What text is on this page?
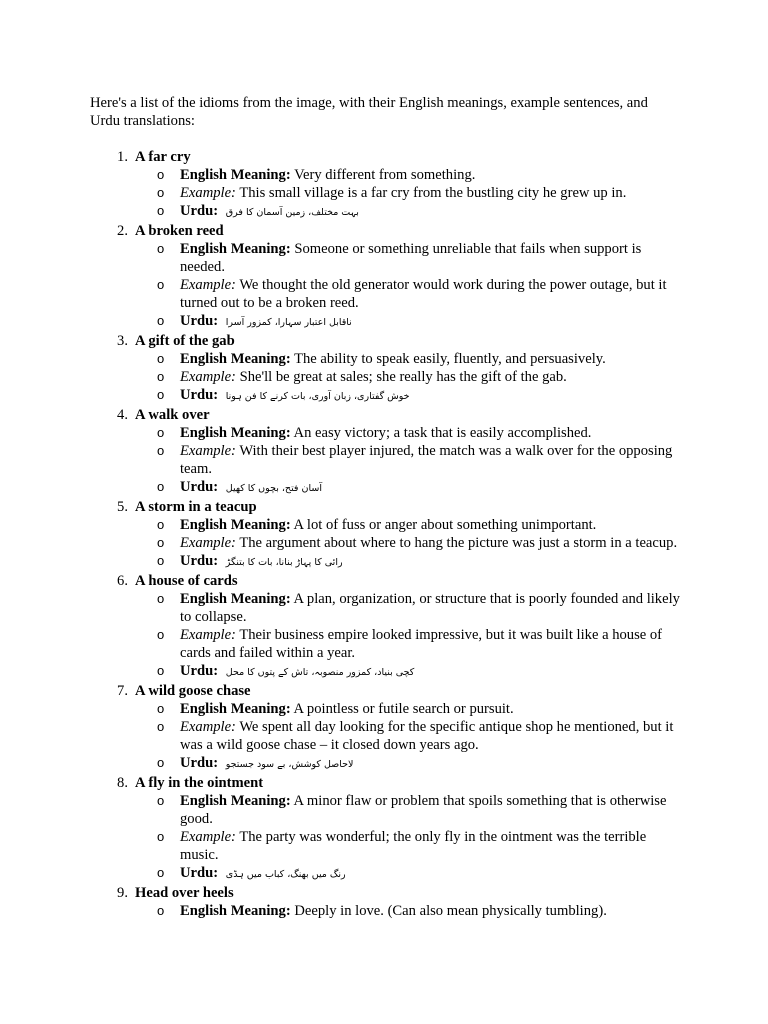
Here's a list of the idioms from the image, with their English meanings, example sentences, and Urdu translations:

1. A far cry
o English Meaning: Very different from something.
o Example: This small village is a far cry from the bustling city he grew up in.
o Urdu: بہت مختلف، زمین آسمان کا فرق
2. A broken reed
o English Meaning: Someone or something unreliable that fails when support is needed.
o Example: We thought the old generator would work during the power outage, but it turned out to be a broken reed.
o Urdu: ناقابل اعتبار سہارا، کمزور آسرا
3. A gift of the gab
o English Meaning: The ability to speak easily, fluently, and persuasively.
o Example: She'll be great at sales; she really has the gift of the gab.
o Urdu: خوش گفتاری، زبان آوری، بات کرنے کا فن ہونا
4. A walk over
o English Meaning: An easy victory; a task that is easily accomplished.
o Example: With their best player injured, the match was a walk over for the opposing team.
o Urdu: آسان فتح، بچوں کا کھیل
5. A storm in a teacup
o English Meaning: A lot of fuss or anger about something unimportant.
o Example: The argument about where to hang the picture was just a storm in a teacup.
o Urdu: رائی کا پہاڑ بنانا، بات کا بتنگڑ
6. A house of cards
o English Meaning: A plan, organization, or structure that is poorly founded and likely to collapse.
o Example: Their business empire looked impressive, but it was built like a house of cards and failed within a year.
o Urdu: کچی بنیاد، کمزور منصوبہ، تاش کے پتوں کا محل
7. A wild goose chase
o English Meaning: A pointless or futile search or pursuit.
o Example: We spent all day looking for the specific antique shop he mentioned, but it was a wild goose chase – it closed down years ago.
o Urdu: لاحاصل کوشش، بے سود جستجو
8. A fly in the ointment
o English Meaning: A minor flaw or problem that spoils something that is otherwise good.
o Example: The party was wonderful; the only fly in the ointment was the terrible music.
o Urdu: رنگ میں بھنگ، کباب میں ہڈی
9. Head over heels
o English Meaning: Deeply in love. (Can also mean physically tumbling).
